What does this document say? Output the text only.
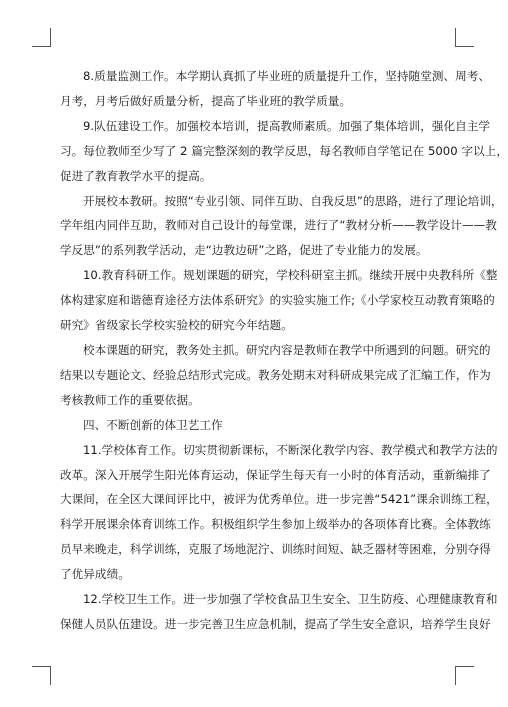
8.质量监测工作。本学期认真抓了毕业班的质量提升工作，坚持随堂测、周考、
月考，月考后做好质量分析，提高了毕业班的教学质量。

9.队伍建设工作。加强校本培训，提高教师素质。加强了集体培训，强化自主学
习。每位教师至少写了 2 篇完整深刻的教学反思，每名教师自学笔记在 5000 字以上，
促进了教育教学水平的提高。

开展校本教研。按照“专业引领、同伴互助、自我反思”的思路，进行了理论培训，
学年组内同伴互助，教师对自己设计的每堂课，进行了“教材分析——教学设计——教
学反思”的系列教学活动，走“边教边研”之路，促进了专业能力的发展。

10.教育科研工作。规划课题的研究，学校科研室主抓。继续开展中央教科所《整
体构建家庭和谐德育途径方法体系研究》的实验实施工作;《小学家校互动教育策略的
研究》省级家长学校实验校的研究今年结题。

校本课题的研究，教务处主抓。研究内容是教师在教学中所遇到的问题。研究的
结果以专题论文、经验总结形式完成。教务处期末对科研成果完成了汇编工作，作为
考核教师工作的重要依据。

四、不断创新的体卫艺工作

11.学校体育工作。切实贯彻新课标，不断深化教学内容、教学模式和教学方法的
改革。深入开展学生阳光体育运动，保证学生每天有一小时的体育活动，重新编排了
大课间，在全区大课间评比中，被评为优秀单位。进一步完善“5421”课余训练工程，
科学开展课余体育训练工作。积极组织学生参加上级举办的各项体育比赛。全体教练
员早来晚走，科学训练，克服了场地泥泞、训练时间短、缺乏器材等困难，分别夺得
了优异成绩。

12.学校卫生工作。进一步加强了学校食品卫生安全、卫生防疫、心理健康教育和
保健人员队伍建设。进一步完善卫生应急机制，提高了学生安全意识，培养学生良好
